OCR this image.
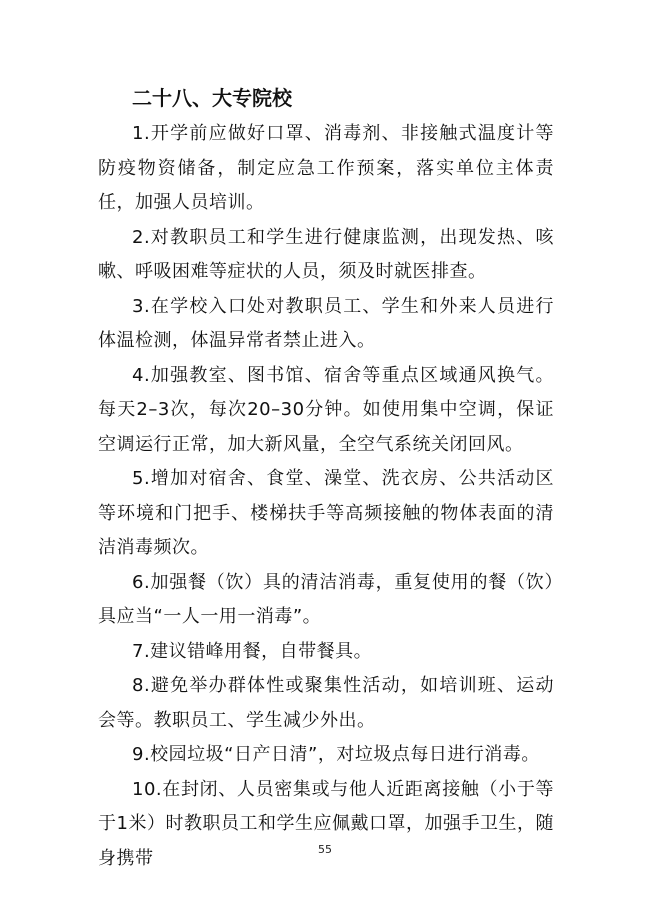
二十八、大专院校

1.开学前应做好口罩、消毒剂、非接触式温度计等防疫物资储备，制定应急工作预案，落实单位主体责任，加强人员培训。

2.对教职员工和学生进行健康监测，出现发热、咳嗽、呼吸困难等症状的人员，须及时就医排查。

3.在学校入口处对教职员工、学生和外来人员进行体温检测，体温异常者禁止进入。

4.加强教室、图书馆、宿舍等重点区域通风换气。每天2–3次，每次20–30分钟。如使用集中空调，保证空调运行正常，加大新风量，全空气系统关闭回风。

5.增加对宿舍、食堂、澡堂、洗衣房、公共活动区等环境和门把手、楼梯扶手等高频接触的物体表面的清洁消毒频次。

6.加强餐（饮）具的清洁消毒，重复使用的餐（饮）具应当“一人一用一消毒”。

7.建议错峰用餐，自带餐具。

8.避免举办群体性或聚集性活动，如培训班、运动会等。教职员工、学生减少外出。

9.校园垃圾“日产日清”，对垃圾点每日进行消毒。

10.在封闭、人员密集或与他人近距离接触（小于等于1米）时教职员工和学生应佩戴口罩，加强手卫生，随身携带	55
